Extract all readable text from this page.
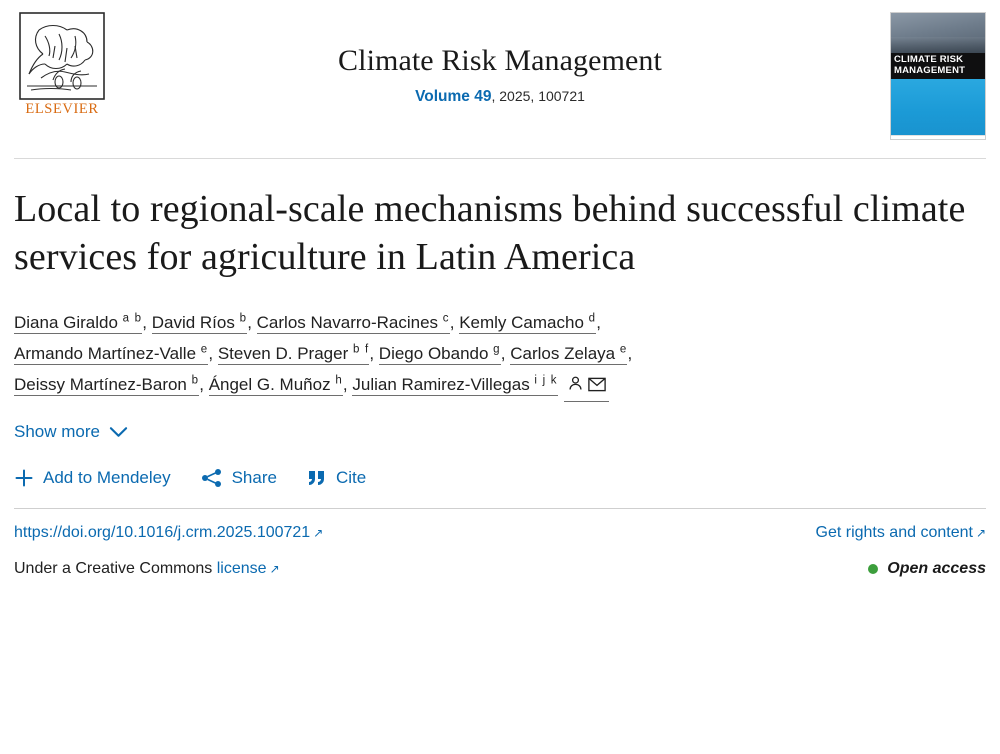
ELSEVIER
Climate Risk Management
Volume 49, 2025, 100721
CLIMATE RISK MANAGEMENT
Local to regional-scale mechanisms behind successful climate services for agriculture in Latin America
Diana Giraldo $^{a b}$, David Ríos $^b$, Carlos Navarro-Racines $^c$, Kemly Camacho $^d$,
Armando Martínez-Valle $^e$, Steven D. Prager $^{b f}$, Diego Obando $^g$, Carlos Zelaya $^e$,
Deissy Martínez-Baron $^b$, Ángel G. Muñoz $^h$, Julian Ramirez-Villegas $^{i j k}$
Show more
Add to Mendeley	Share	Cite
https://doi.org/10.1016/j.crm.2025.100721 ↗	Get rights and content ↗
Under a Creative Commons license ↗	Open access
